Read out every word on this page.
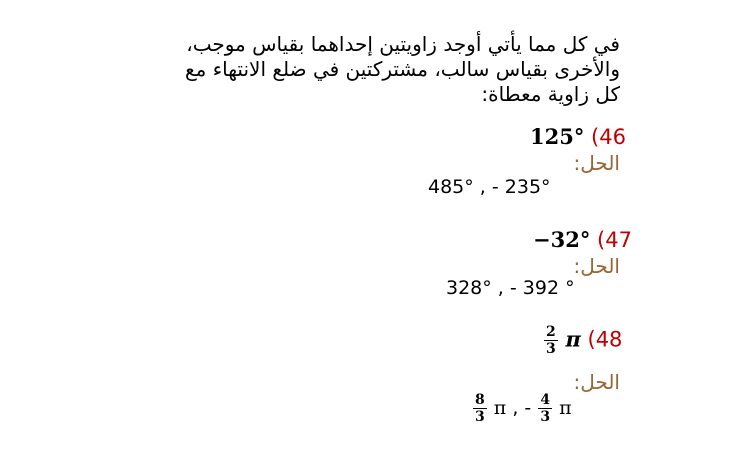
في كل مما يأتي أوجد زاويتين إحداهما بقياس موجب،
والأخرى بقياس سالب، مشتركتين في ضلع الانتهاء مع
كل زاوية معطاة:
125° (46
الحل:
485° , - 235°
−32° (47
الحل:
328° , - 392 °
$\frac{2}{3}$ π (48
الحل:
$\frac{8}{3}$ π , - $\frac{4}{3}$ π
